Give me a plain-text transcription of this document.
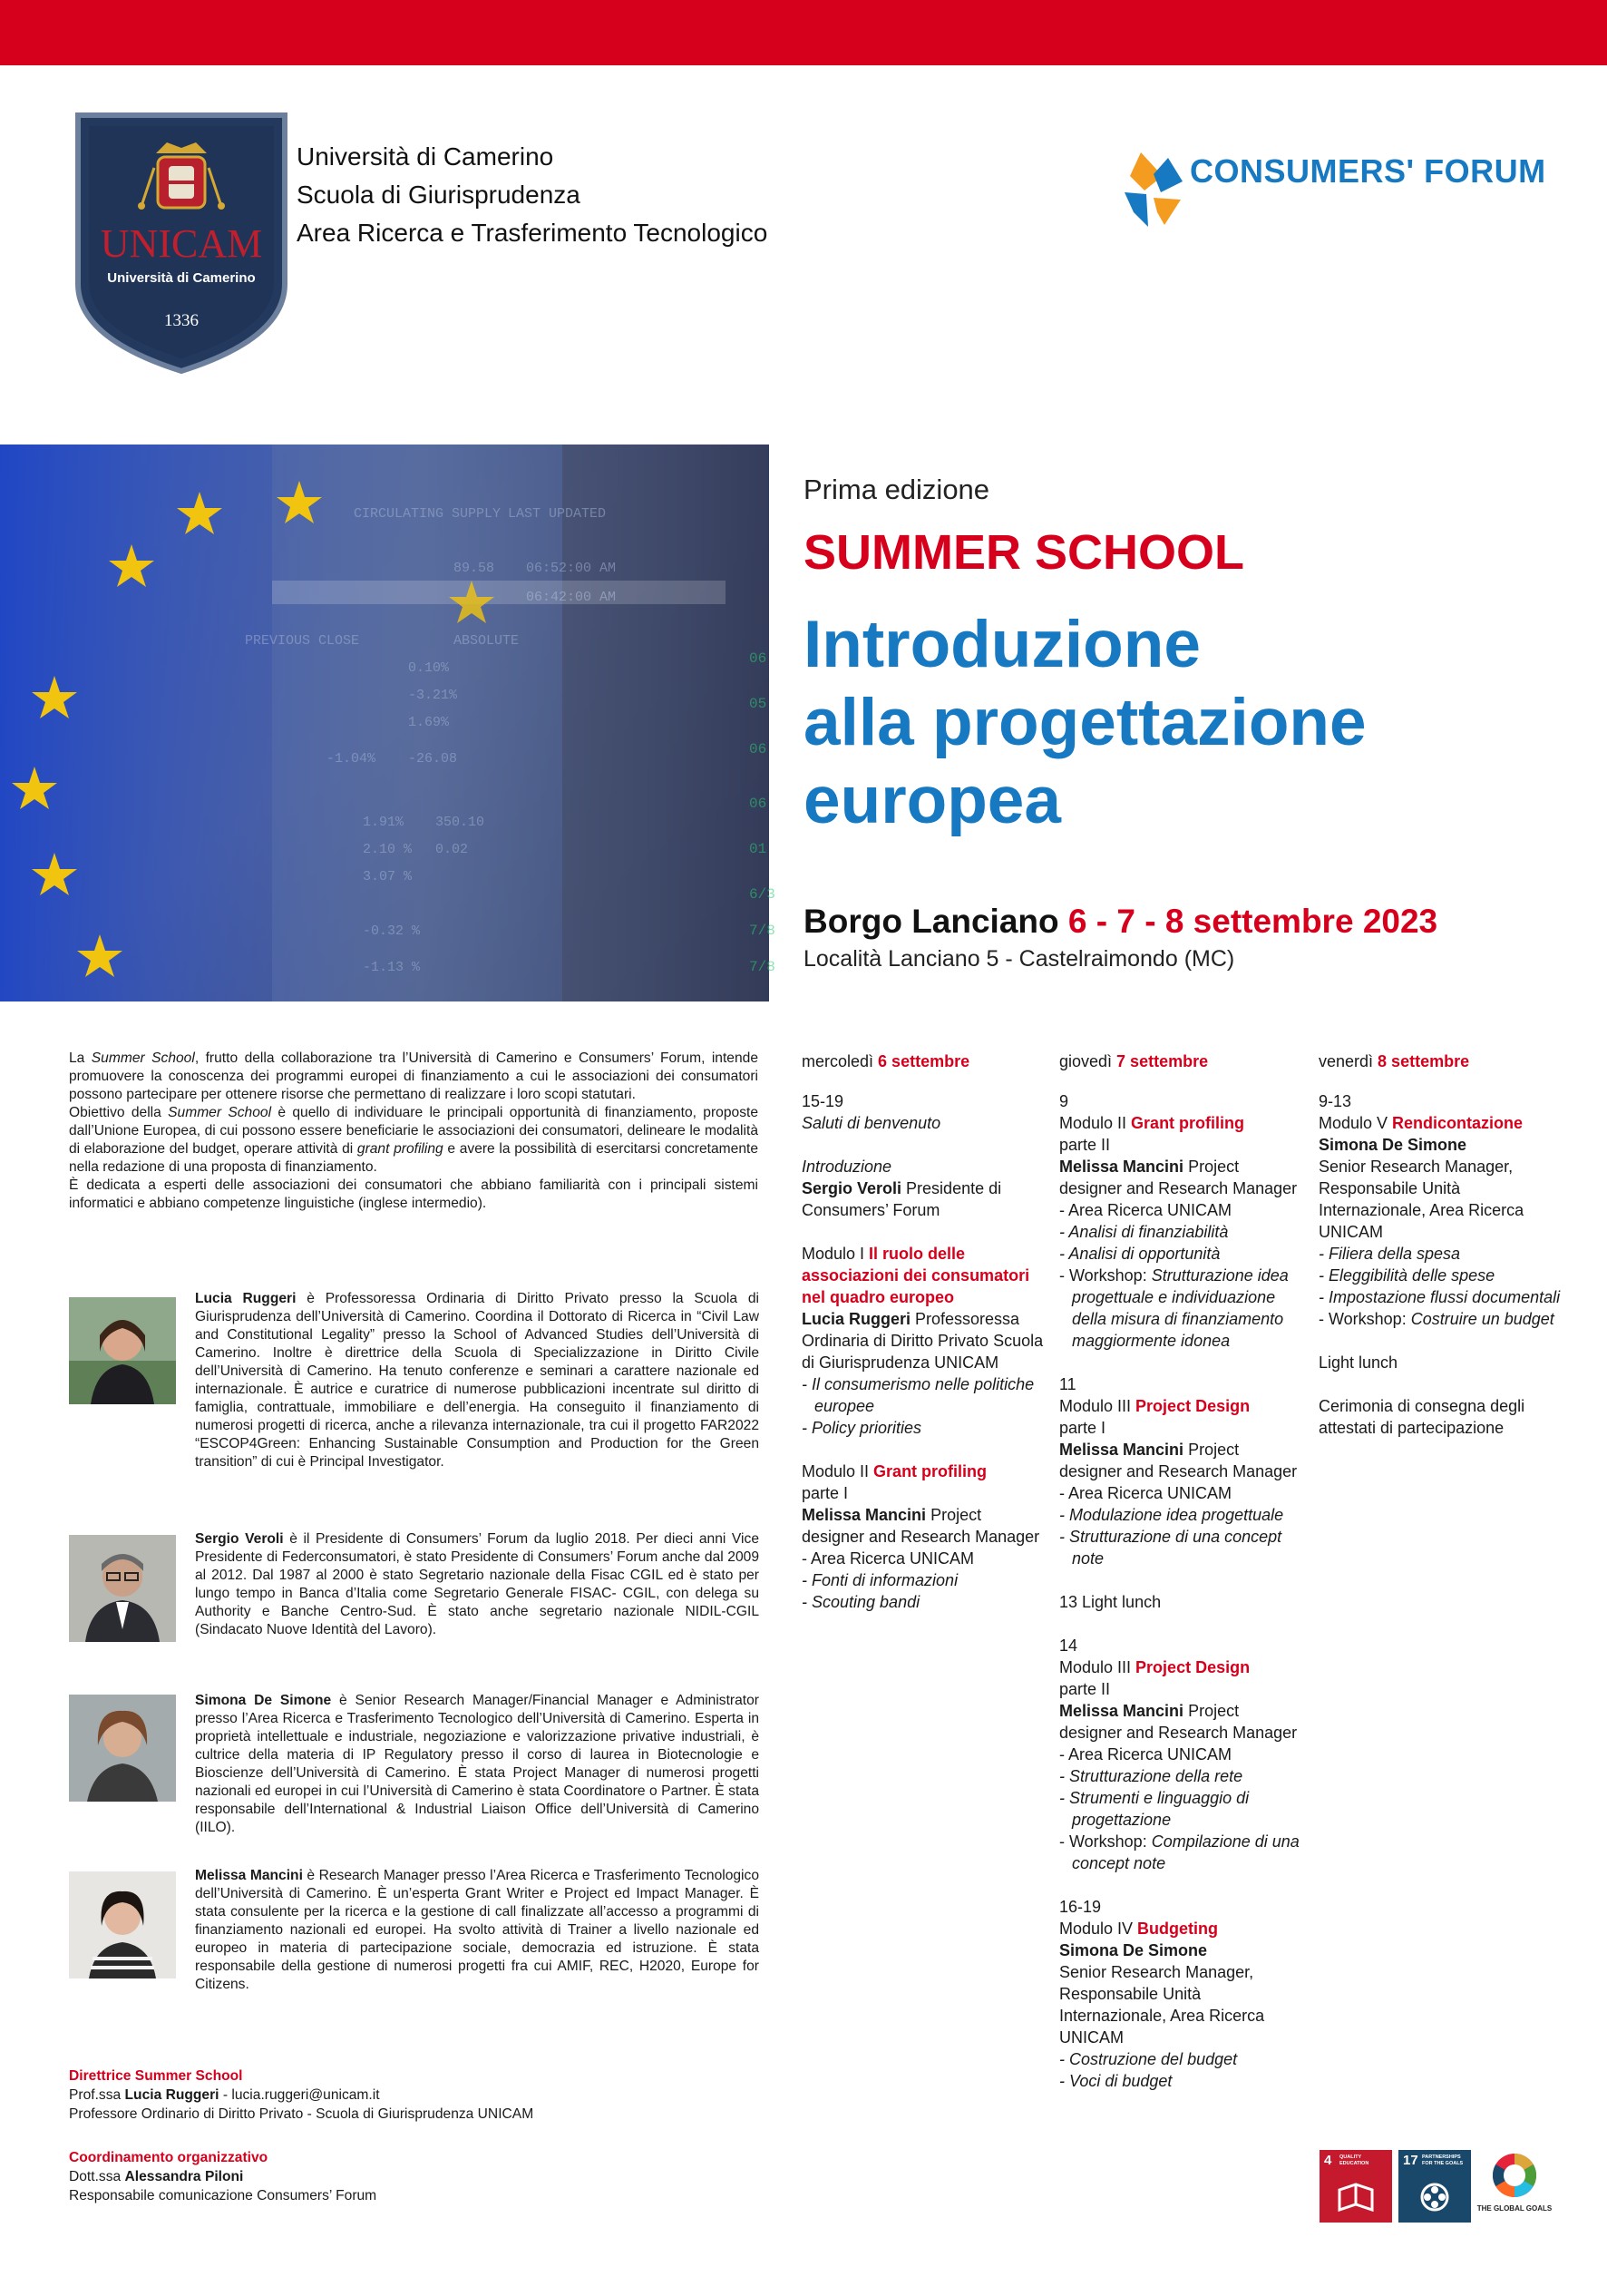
UNICAM
Università di Camerino
1336
Università di Camerino
Scuola di Giurisprudenza
Area Ricerca e Trasferimento Tecnologico
CONSUMERS' FORUM
CIRCULATING SUPPLY LAST UPDATED
89.58 06:52:00 AM
06:42:00 AM
PREVIOUS CLOSE	ABSOLUTE
0.10%
-3.21%
1.69%
-1.04% -26.08
1.91% 350.10
2.10 % 0.02
3.07 %
-0.32 %
-1.13 %
06
05
06
06
01
6/3
7/8
7/8
Prima edizione
SUMMER SCHOOL
Introduzione
alla progettazione
europea
Borgo Lanciano 6 - 7 - 8 settembre 2023
Località Lanciano 5 - Castelraimondo (MC)

La Summer School, frutto della collaborazione tra l’Università di Camerino e Consumers’ Forum, intende promuovere la conoscenza dei programmi europei di finanziamento a cui le associazioni dei consumatori possono partecipare per ottenere risorse che permettano di realizzare i loro scopi statutari.

Obiettivo della Summer School è quello di individuare le principali opportunità di finanziamento, proposte dall’Unione Europea, di cui possono essere beneficiarie le associazioni dei consumatori, delineare le modalità di elaborazione del budget, operare attività di grant profiling e avere la possibilità di esercitarsi concretamente nella redazione di una proposta di finanziamento.

È dedicata a esperti delle associazioni dei consumatori che abbiano familiarità con i principali sistemi informatici e abbiano competenze linguistiche (inglese intermedio).

Lucia Ruggeri è Professoressa Ordinaria di Diritto Privato presso la Scuola di Giurisprudenza dell’Università di Camerino. Coordina il Dottorato di Ricerca in “Civil Law and Constitutional Legality” presso la School of Advanced Studies dell’Università di Camerino. Inoltre è direttrice della Scuola di Specializzazione in Diritto Civile dell’Università di Camerino. Ha tenuto conferenze e seminari a carattere nazionale ed internazionale. È autrice e curatrice di numerose pubblicazioni incentrate sul diritto di famiglia, contrattuale, immobiliare e dell’energia. Ha conseguito il finanziamento di numerosi progetti di ricerca, anche a rilevanza internazionale, tra cui il progetto FAR2022 “ESCOP4Green: Enhancing Sustainable Consumption and Production for the Green transition” di cui è Principal Investigator.
Sergio Veroli è il Presidente di Consumers’ Forum da luglio 2018. Per dieci anni Vice Presidente di Federconsumatori, è stato Presidente di Consumers’ Forum anche dal 2009 al 2012. Dal 1987 al 2000 è stato Segretario nazionale della Fisac CGIL ed è stato per lungo tempo in Banca d’Italia come Segretario Generale FISAC- CGIL, con delega su Authority e Banche Centro-Sud. È stato anche segretario nazionale NIDIL-CGIL (Sindacato Nuove Identità del Lavoro).
Simona De Simone è Senior Research Manager/Financial Manager e Administrator presso l’Area Ricerca e Trasferimento Tecnologico dell’Università di Camerino. Esperta in proprietà intellettuale e industriale, negoziazione e valorizzazione privative industriali, è cultrice della materia di IP Regulatory presso il corso di laurea in Biotecnologie e Bioscienze dell’Università di Camerino. È stata Project Manager di numerosi progetti nazionali ed europei in cui l’Università di Camerino è stata Coordinatore o Partner. È stata responsabile dell’International & Industrial Liaison Office dell’Università di Camerino (IILO).
Melissa Mancini è Research Manager presso l’Area Ricerca e Trasferimento Tecnologico dell’Università di Camerino. È un’esperta Grant Writer e Project ed Impact Manager. È stata consulente per la ricerca e la gestione di call finalizzate all’accesso a programmi di finanziamento nazionali ed europei. Ha svolto attività di Trainer a livello nazionale ed europeo in materia di partecipazione sociale, democrazia ed istruzione. È stata responsabile della gestione di numerosi progetti fra cui AMIF, REC, H2020, Europe for Citizens.
Direttrice Summer School
Prof.ssa Lucia Ruggeri - lucia.ruggeri@unicam.it
Professore Ordinario di Diritto Privato - Scuola di Giurisprudenza UNICAM
Coordinamento organizzativo
Dott.ssa Alessandra Piloni
Responsabile comunicazione Consumers’ Forum
mercoledì 6 settembre
15-19
Saluti di benvenuto
Introduzione
Sergio Veroli Presidente di Consumers’ Forum
Modulo I Il ruolo delle associazioni dei consumatori nel quadro europeo
Lucia Ruggeri Professoressa Ordinaria di Diritto Privato Scuola di Giurisprudenza UNICAM
- Il consumerismo nelle politiche europee
- Policy priorities
Modulo II Grant profiling
parte I
Melissa Mancini Project designer and Research Manager - Area Ricerca UNICAM
- Fonti di informazioni
- Scouting bandi
giovedì 7 settembre
9
Modulo II Grant profiling
parte II
Melissa Mancini Project designer and Research Manager - Area Ricerca UNICAM
- Analisi di finanziabilità
- Analisi di opportunità
- Workshop: Strutturazione idea progettuale e individuazione della misura di finanziamento maggiormente idonea
11
Modulo III Project Design
parte I
Melissa Mancini Project designer and Research Manager - Area Ricerca UNICAM
- Modulazione idea progettuale
- Strutturazione di una concept note
13 Light lunch
14
Modulo III Project Design
parte II
Melissa Mancini Project designer and Research Manager - Area Ricerca UNICAM
- Strutturazione della rete
- Strumenti e linguaggio di progettazione
- Workshop: Compilazione di una concept note
16-19
Modulo IV Budgeting
Simona De Simone
Senior Research Manager, Responsabile Unità Internazionale, Area Ricerca UNICAM
- Costruzione del budget
- Voci di budget
venerdì 8 settembre
9-13
Modulo V Rendicontazione
Simona De Simone
Senior Research Manager, Responsabile Unità Internazionale, Area Ricerca UNICAM
- Filiera della spesa
- Eleggibilità delle spese
- Impostazione flussi documentali
- Workshop: Costruire un budget
Light lunch
Cerimonia di consegna degli attestati di partecipazione
4 QUALITY EDUCATION	17 PARTNERSHIPS FOR THE GOALS
THE GLOBAL GOALS
